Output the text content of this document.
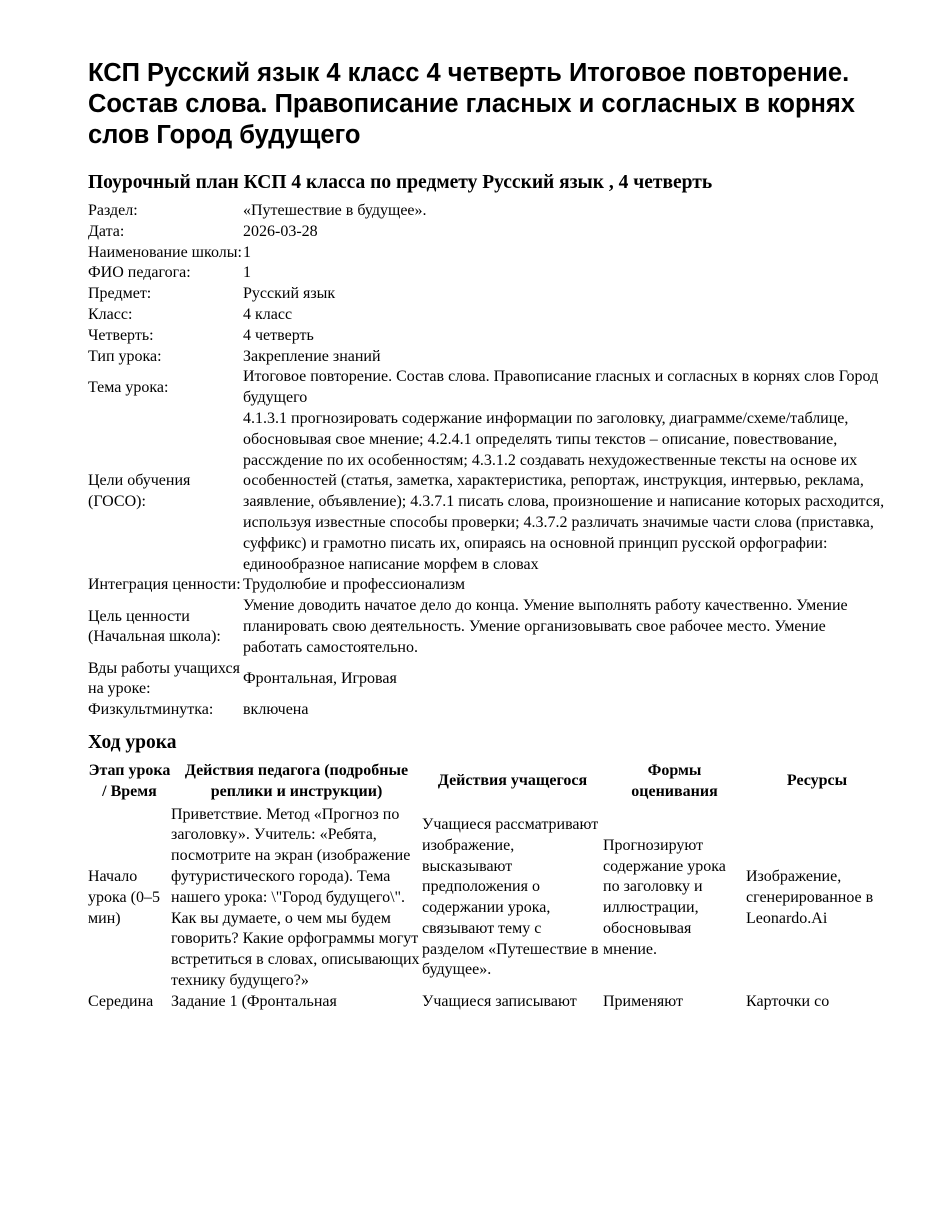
КСП Русский язык 4 класс 4 четверть Итоговое повторение. Состав слова. Правописание гласных и согласных в корнях слов Город будущего
Поурочный план КСП 4 класса по предмету Русский язык , 4 четверть
Раздел:	«Путешествие в будущее».
Дата:	2026-03-28
Наименование школы:	1
ФИО педагога:	1
Предмет:	Русский язык
Класс:	4 класс
Четверть:	4 четверть
Тип урока:	Закрепление знаний
Тема урока:	Итоговое повторение. Состав слова. Правописание гласных и согласных в корнях слов Город будущего
Цели обучения (ГОСО):	4.1.3.1 прогнозировать содержание информации по заголовку, диаграмме/схеме/таблице, обосновывая свое мнение; 4.2.4.1 определять типы текстов – описание, повествование, рассждение по их особенностям; 4.3.1.2 создавать нехудожественные тексты на основе их особенностей (статья, заметка, характеристика, репортаж, инструкция, интервью, реклама, заявление, объявление); 4.3.7.1 писать слова, произношение и написание которых расходится, используя известные способы проверки; 4.3.7.2 различать значимые части слова (приставка, суффикс) и грамотно писать их, опираясь на основной принцип русской орфографии: единообразное написание морфем в словах
Интеграция ценности:	Трудолюбие и профессионализм
Цель ценности (Начальная школа):	Умение доводить начатое дело до конца. Умение выполнять работу качественно. Умение планировать свою деятельность. Умение организовывать свое рабочее место. Умение работать самостоятельно.
Вды работы учащихся на уроке:	Фронтальная, Игровая
Физкультминутка:	включена
Ход урока
Этап урока / Время	Действия педагога (подробные реплики и инструкции)	Действия учащегося	Формы оценивания	Ресурсы
Начало урока (0–5 мин)	Приветствие. Метод «Прогноз по заголовку». Учитель: «Ребята, посмотрите на экран (изображение футуристического города). Тема нашего урока: \"Город будущего\". Как вы думаете, о чем мы будем говорить? Какие орфограммы могут встретиться в словах, описывающих технику будущего?»	Учащиеся рассматривают изображение, высказывают предположения о содержании урока, связывают тему с разделом «Путешествие в будущее».	Прогнозируют содержание урока по заголовку и иллюстрации, обосновывая мнение.	Изображение, сгенерированное в Leonardo.Ai
Середина	Задание 1 (Фронтальная	Учащиеся записывают	Применяют	Карточки со
